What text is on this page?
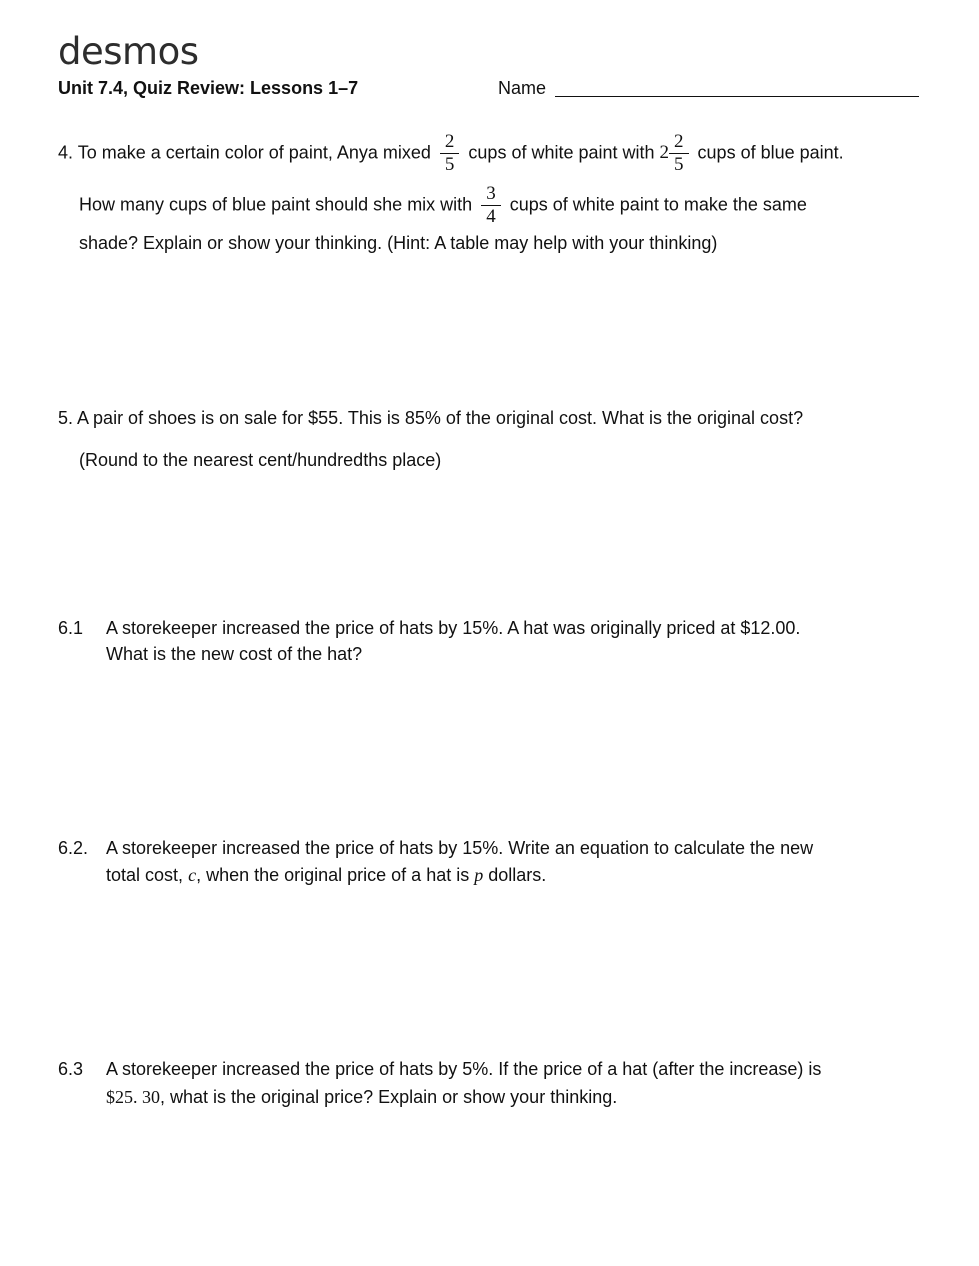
desmos
Unit 7.4, Quiz Review: Lessons 1–7	Name
4. To make a certain color of paint, Anya mixed $\frac{2}{5}$ cups of white paint with $2 \frac{2}{5}$ cups of blue paint.
How many cups of blue paint should she mix with $\frac{3}{4}$ cups of white paint to make the same
shade? Explain or show your thinking. (Hint: A table may help with your thinking)
5. A pair of shoes is on sale for $55. This is 85% of the original cost. What is the original cost?
(Round to the nearest cent/hundredths place)
6.1 A storekeeper increased the price of hats by 15%. A hat was originally priced at $12.00.
What is the new cost of the hat?
6.2. A storekeeper increased the price of hats by 15%. Write an equation to calculate the new
total cost, c, when the original price of a hat is p dollars.
6.3 A storekeeper increased the price of hats by 5%. If the price of a hat (after the increase) is
$25. 30, what is the original price? Explain or show your thinking.
